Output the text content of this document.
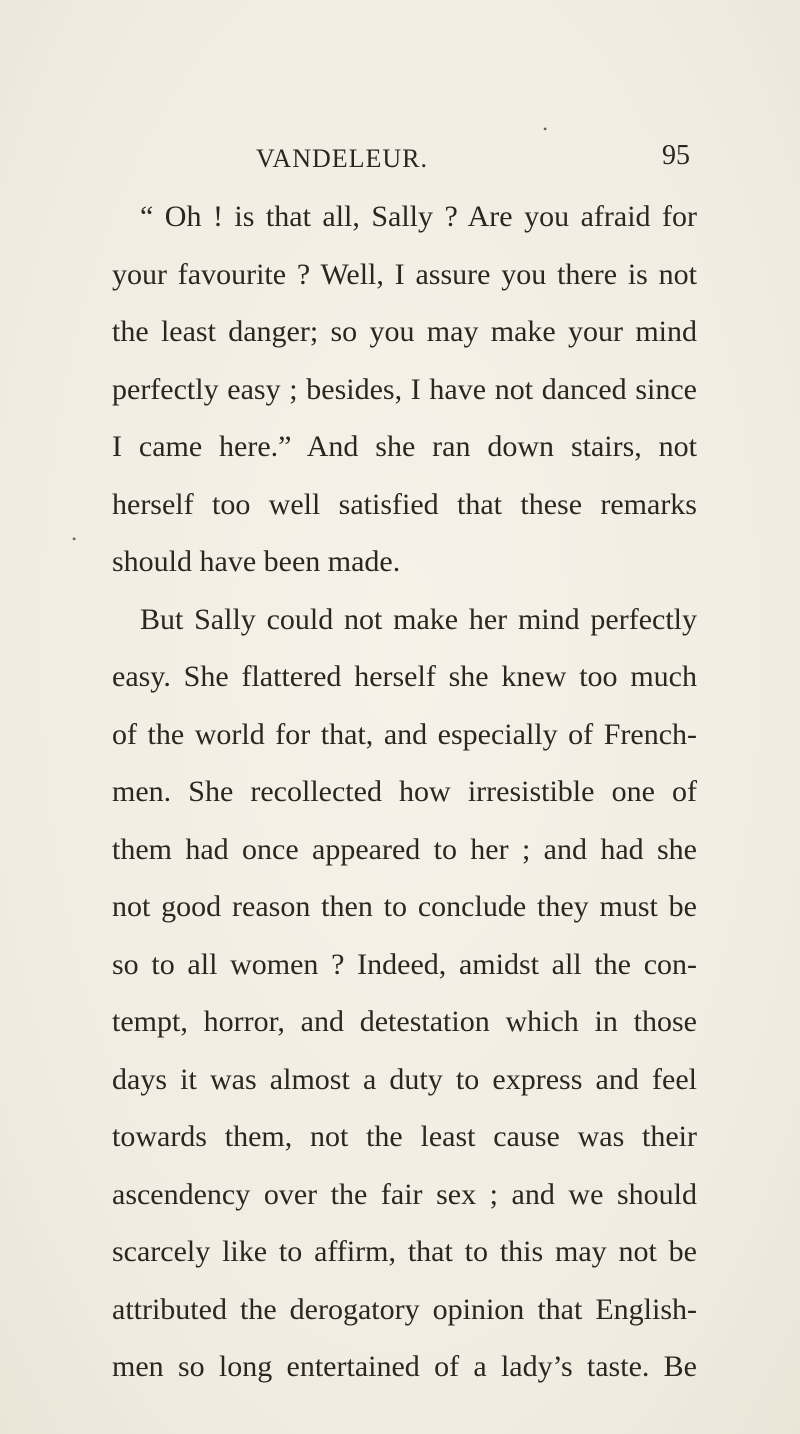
•
•
VANDELEUR.	95
“ Oh ! is that all, Sally ? Are you afraid for
your favourite ? Well, I assure you there is not
the least danger; so you may make your mind
perfectly easy ; besides, I have not danced since
I came here.” And she ran down stairs, not
herself too well satisfied that these remarks
should have been made.
But Sally could not make her mind perfectly
easy. She flattered herself she knew too much
of the world for that, and especially of French-
men. She recollected how irresistible one of
them had once appeared to her ; and had she
not good reason then to conclude they must be
so to all women ? Indeed, amidst all the con-
tempt, horror, and detestation which in those
days it was almost a duty to express and feel
towards them, not the least cause was their
ascendency over the fair sex ; and we should
scarcely like to affirm, that to this may not be
attributed the derogatory opinion that English-
men so long entertained of a lady’s taste. Be
